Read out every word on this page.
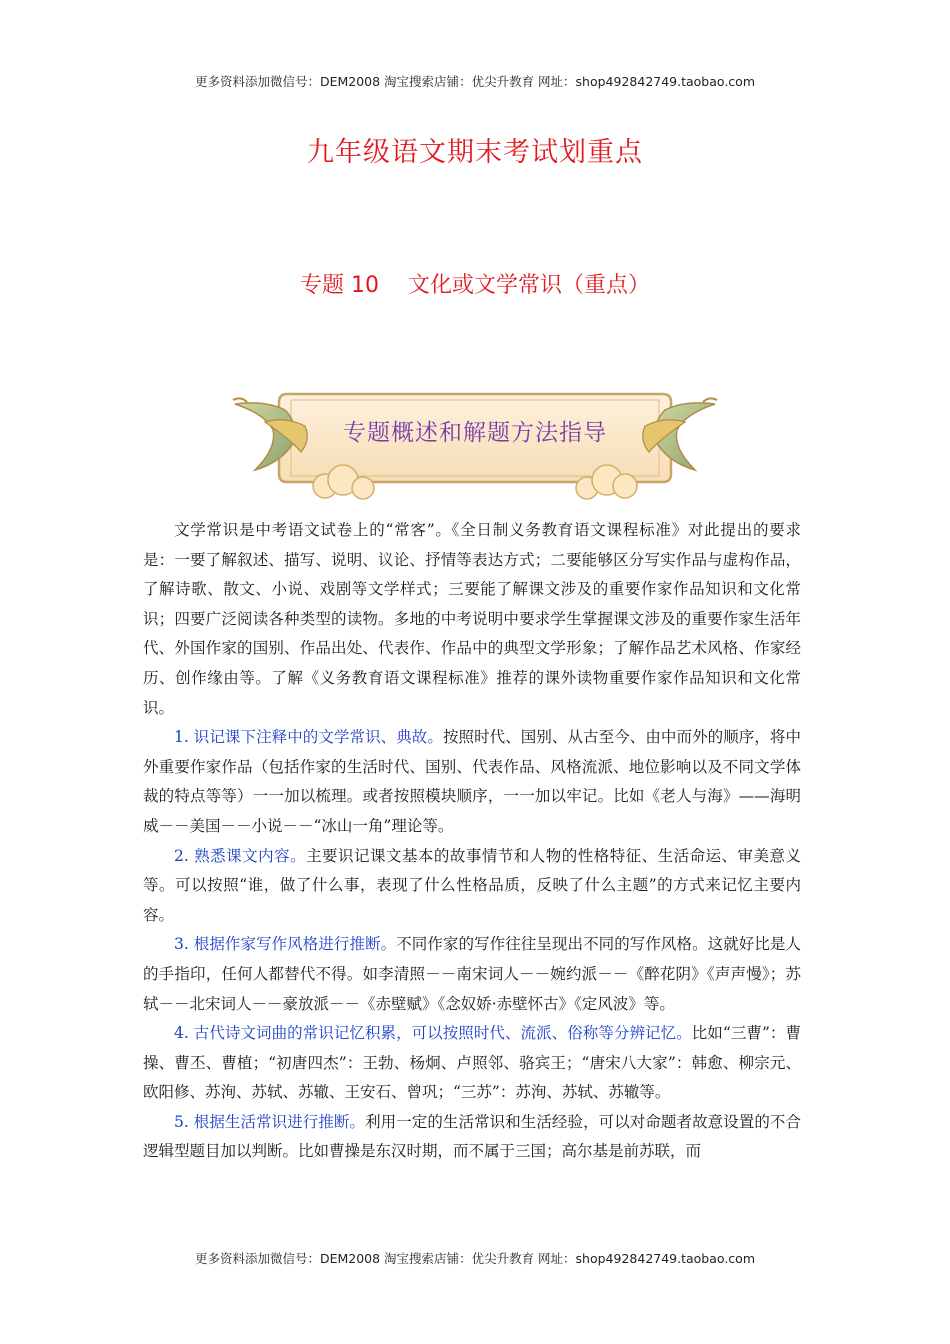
更多资料添加微信号：DEM2008 淘宝搜索店铺：优尖升教育 网址：shop492842749.taobao.com
九年级语文期末考试划重点
专题 10　 文化或文学常识（重点）
专题概述和解题方法指导

文学常识是中考语文试卷上的“常客”。《全日制义务教育语文课程标准》对此提出的要求是：一要了解叙述、描写、说明、议论、抒情等表达方式；二要能够区分写实作品与虚构作品，了解诗歌、散文、小说、戏剧等文学样式；三要能了解课文涉及的重要作家作品知识和文化常识；四要广泛阅读各种类型的读物。多地的中考说明中要求学生掌握课文涉及的重要作家生活年代、外国作家的国别、作品出处、代表作、作品中的典型文学形象；了解作品艺术风格、作家经历、创作缘由等。了解《义务教育语文课程标准》推荐的课外读物重要作家作品知识和文化常识。

1. 识记课下注释中的文学常识、典故。按照时代、国别、从古至今、由中而外的顺序，将中外重要作家作品（包括作家的生活时代、国别、代表作品、风格流派、地位影响以及不同文学体裁的特点等等）一一加以梳理。或者按照模块顺序，一一加以牢记。比如《老人与海》——海明威－－美国－－小说－－“冰山一角”理论等。

2. 熟悉课文内容。主要识记课文基本的故事情节和人物的性格特征、生活命运、审美意义等。可以按照“谁，做了什么事，表现了什么性格品质，反映了什么主题”的方式来记忆主要内容。

3. 根据作家写作风格进行推断。不同作家的写作往往呈现出不同的写作风格。这就好比是人的手指印，任何人都替代不得。如李清照－－南宋词人－－婉约派－－《醉花阴》《声声慢》；苏轼－－北宋词人－－豪放派－－《赤壁赋》《念奴娇·赤壁怀古》《定风波》等。

4. 古代诗文词曲的常识记忆积累，可以按照时代、流派、俗称等分辨记忆。比如“三曹”：曹操、曹丕、曹植；“初唐四杰”：王勃、杨炯、卢照邻、骆宾王；“唐宋八大家”：韩愈、柳宗元、欧阳修、苏洵、苏轼、苏辙、王安石、曾巩；“三苏”：苏洵、苏轼、苏辙等。

5. 根据生活常识进行推断。利用一定的生活常识和生活经验，可以对命题者故意设置的不合逻辑型题目加以判断。比如曹操是东汉时期，而不属于三国；高尔基是前苏联，而

更多资料添加微信号：DEM2008 淘宝搜索店铺：优尖升教育 网址：shop492842749.taobao.com
